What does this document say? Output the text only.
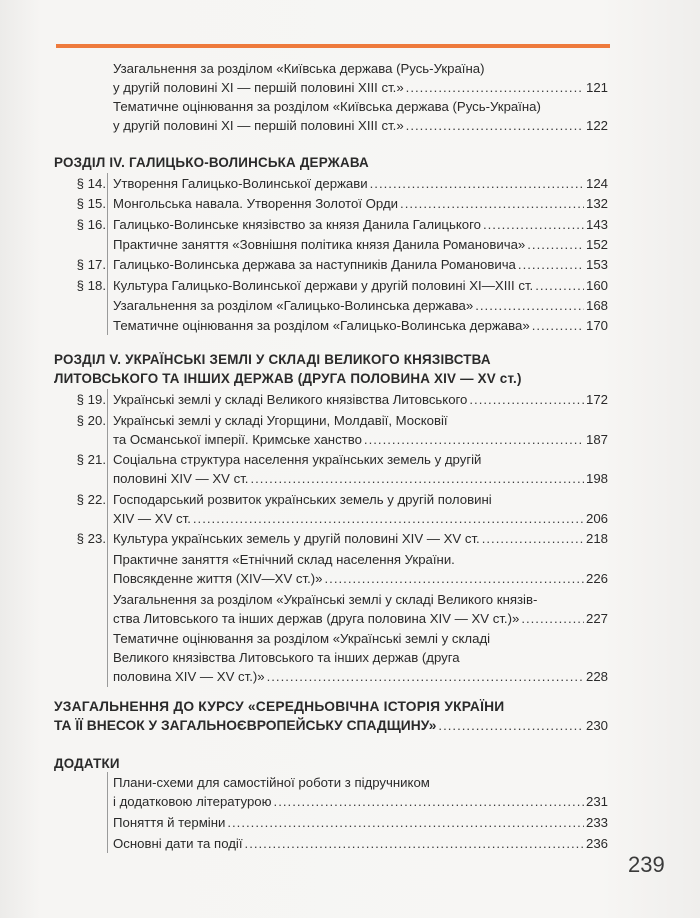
Узагальнення за розділом «Київська держава (Русь-Україна)
у другій половині XI — першій половині XIII ст.» .....	121
Тематичне оцінювання за розділом «Київська держава (Русь-Україна)
у другій половині XI — першій половині XIII ст.» .....	122
РОЗДІЛ IV. ГАЛИЦЬКО-ВОЛИНСЬКА ДЕРЖАВА
§ 14. Утворення Галицько-Волинської держави .....	124
§ 15. Монгольська навала. Утворення Золотої Орди .....	132
§ 16. Галицько-Волинське князівство за князя Данила Галицького .....	143
Практичне заняття «Зовнішня політика князя Данила Романовича» .....	152
§ 17. Галицько-Волинська держава за наступників Данила Романовича .....	153
§ 18. Культура Галицько-Волинської держави у другій половині XI—XIII ст. .....	160
Узагальнення за розділом «Галицько-Волинська держава» .....	168
Тематичне оцінювання за розділом «Галицько-Волинська держава» .....	170
РОЗДІЛ V. УКРАЇНСЬКІ ЗЕМЛІ У СКЛАДІ ВЕЛИКОГО КНЯЗІВСТВА
ЛИТОВСЬКОГО ТА ІНШИХ ДЕРЖАВ (ДРУГА ПОЛОВИНА XIV — XV ст.)
§ 19. Українські землі у складі Великого князівства Литовського .....	172
§ 20. Українські землі у складі Угорщини, Молдавії, Московії
та Османської імперії. Кримське ханство .....	187
§ 21. Соціальна структура населення українських земель у другій
половині XIV — XV ст. .....	198
§ 22. Господарський розвиток українських земель у другій половині
XIV — XV ст. .....	206
§ 23. Культура українських земель у другій половині XIV — XV ст. .....	218
Практичне заняття «Етнічний склад населення України.
Повсякденне життя (XIV—XV ст.)» .....	226
Узагальнення за розділом «Українські землі у складі Великого князів-
ства Литовського та інших держав (друга половина XIV — XV ст.)» .....	227
Тематичне оцінювання за розділом «Українські землі у складі
Великого князівства Литовського та інших держав (друга
половина XIV — XV ст.)» .....	228
УЗАГАЛЬНЕННЯ ДО КУРСУ «СЕРЕДНЬОВІЧНА ІСТОРІЯ УКРАЇНИ
ТА ЇЇ ВНЕСОК У ЗАГАЛЬНОЄВРОПЕЙСЬКУ СПАДЩИНУ» .....	230
ДОДАТКИ
Плани-схеми для самостійної роботи з підручником
і додатковою літературою .....	231
Поняття й терміни .....	233
Основні дати та події .....	236
239
